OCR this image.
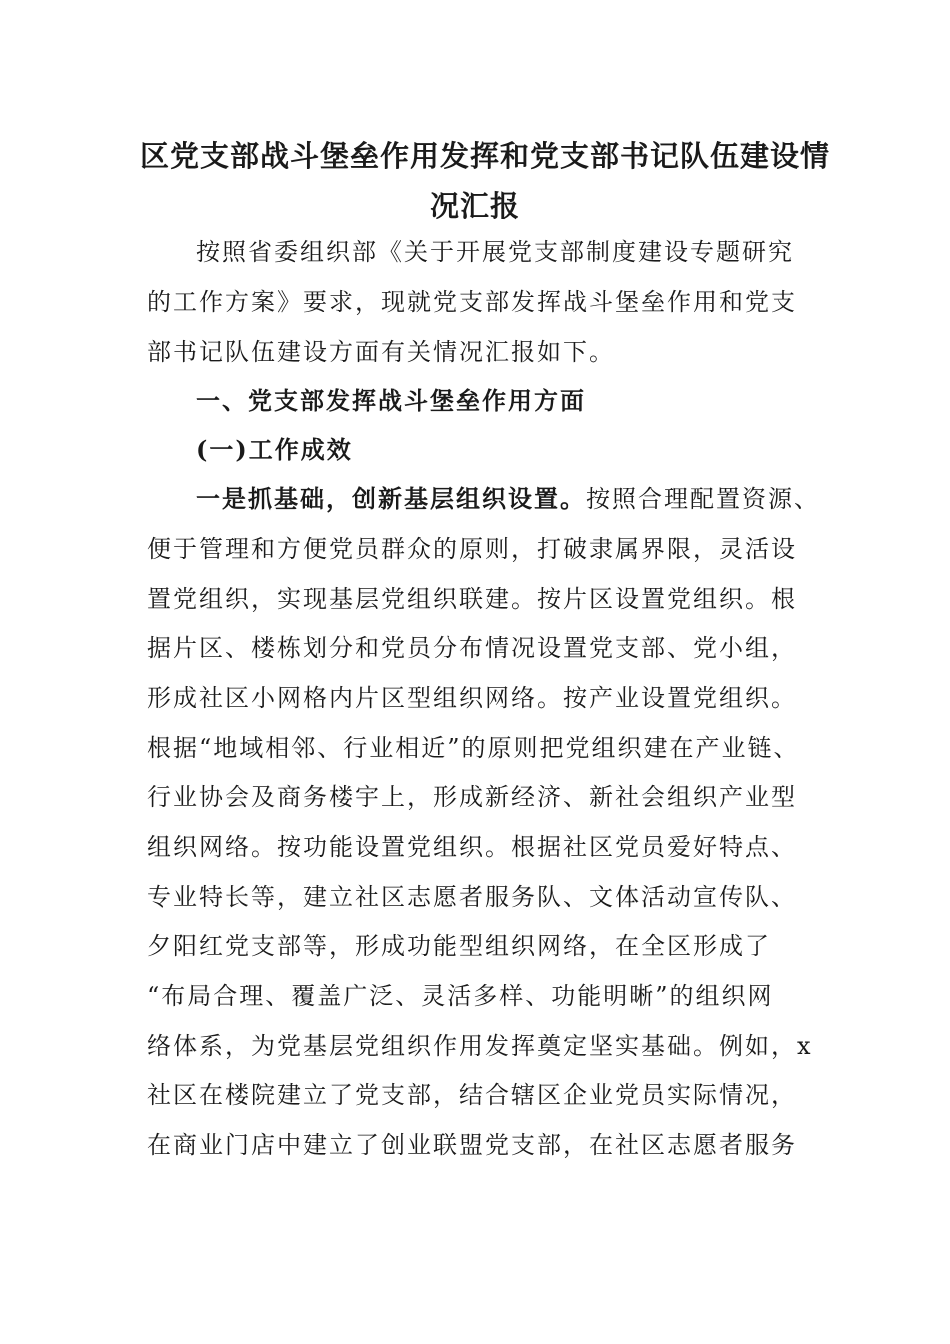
区党支部战斗堡垒作用发挥和党支部书记队伍建设情
况汇报
按照省委组织部《关于开展党支部制度建设专题研究
的工作方案》要求，现就党支部发挥战斗堡垒作用和党支
部书记队伍建设方面有关情况汇报如下。
一、党支部发挥战斗堡垒作用方面
(一)工作成效
一是抓基础，创新基层组织设置。按照合理配置资源、
便于管理和方便党员群众的原则，打破隶属界限，灵活设
置党组织，实现基层党组织联建。按片区设置党组织。根
据片区、楼栋划分和党员分布情况设置党支部、党小组，
形成社区小网格内片区型组织网络。按产业设置党组织。
根据“地域相邻、行业相近”的原则把党组织建在产业链、
行业协会及商务楼宇上，形成新经济、新社会组织产业型
组织网络。按功能设置党组织。根据社区党员爱好特点、
专业特长等，建立社区志愿者服务队、文体活动宣传队、
夕阳红党支部等，形成功能型组织网络，在全区形成了
“布局合理、覆盖广泛、灵活多样、功能明晰”的组织网
络体系，为党基层党组织作用发挥奠定坚实基础。例如，x
社区在楼院建立了党支部，结合辖区企业党员实际情况，
在商业门店中建立了创业联盟党支部，在社区志愿者服务
